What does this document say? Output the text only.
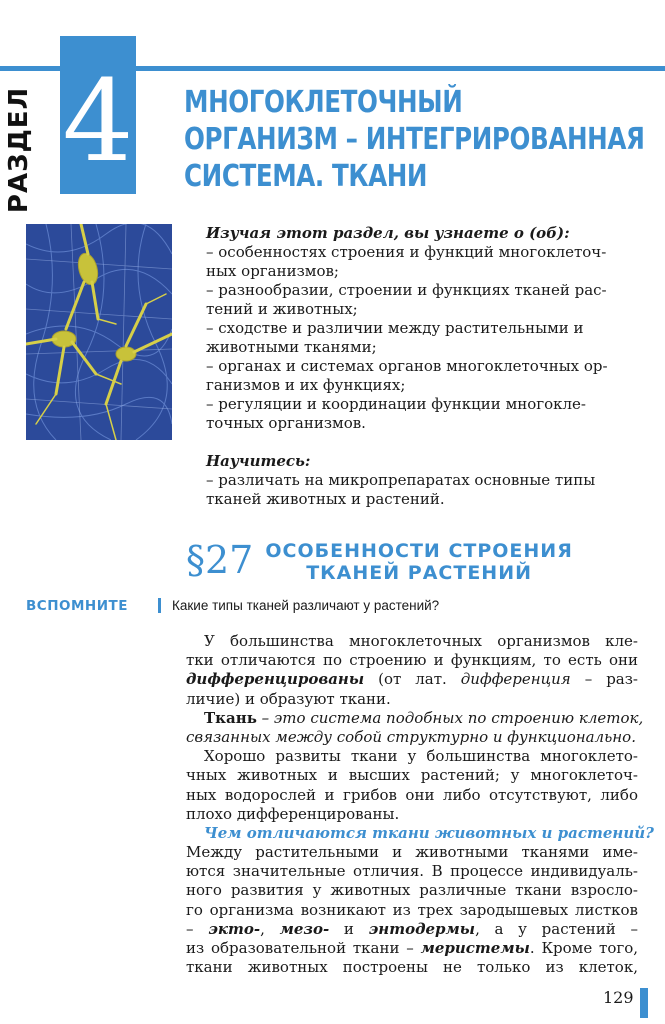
РАЗДЕЛ 4 МНОГОКЛЕТОЧНЫЙ
ОРГАНИЗМ – ИНТЕГРИРОВАННАЯ
СИСТЕМА. ТКАНИ
Изучая этот раздел, вы узнаете о (об):
– особенностях строения и функций многоклеточ-
ных организмов;
– разнообразии, строении и функциях тканей рас-
тений и животных;
– сходстве и различии между растительными и
животными тканями;
– органах и системах органов многоклеточных ор-
ганизмов и их функциях;
– регуляции и координации функции многокле-
точных организмов.
Научитесь:
– различать на микропрепаратах основные типы
тканей животных и растений.
§27 ОСОБЕННОСТИ СТРОЕНИЯ
ТКАНЕЙ РАСТЕНИЙ
ВСПОМНИТЕ	Какие типы тканей различают у растений?
У большинства многоклеточных организмов кле-
тки отличаются по строению и функциям, то есть они
дифференцированы (от лат. дифференция – раз-
личие) и образуют ткани.
Ткань – это система подобных по строению клеток,
связанных между собой структурно и функционально.
Хорошо развиты ткани у большинства многоклето-
чных животных и высших растений; у многоклеточ-
ных водорослей и грибов они либо отсутствуют, либо
плохо дифференцированы.
Чем отличаются ткани животных и растений?
Между растительными и животными тканями име-
ются значительные отличия. В процессе индивидуаль-
ного развития у животных различные ткани взросло-
го организма возникают из трех зародышевых листков
– экто-, мезо- и энтодермы, а у растений –
из образовательной ткани – меристемы. Кроме того,
ткани животных построены не только из клеток,
129
